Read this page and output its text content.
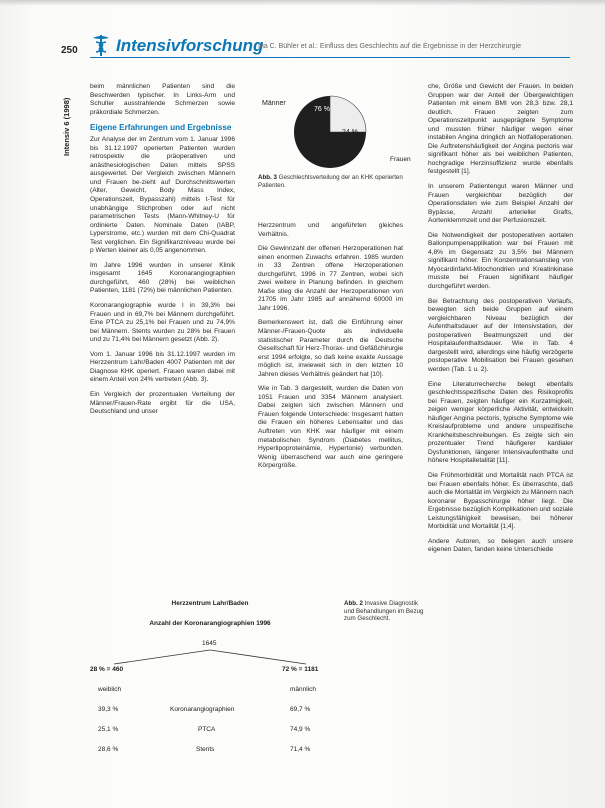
250 Intensivforschung
Ina C. Bühler et al.: Einfluss des Geschlechts auf die Ergebnisse in der Herzchirurgie
Intensiv 6 (1998)

beim männlichen Patienten sind die Beschwerden typischer. In Links-Arm und Schulter ausstrahlende Schmerzen sowie präkordiale Schmerzen.

Eigene Erfahrungen und Ergebnisse

Zur Analyse der im Zentrum vom 1. Januar 1996 bis 31.12.1997 operierten Patienten wurden retrospektiv die präoperativen und anästhesiologischen Daten mittels SPSS ausgewertet. Der Vergleich zwischen Männern und Frauen be-zieht auf Durchschnittswerten (Alter, Gewicht, Body Mass Index, Operationszeit, Bypasszahl) mittels t-Test für unabhängige Stichproben oder auf nicht parametrischen Tests (Mann-Whitney-U für ordinierte Daten. Nominale Daten (IABP, Lyperstrome, etc.) wurden mit dem Chi-Quadrat Test verglichen. Ein Signifikanzniveau wurde bei p Werten kleiner als 0,05 angenommen.

Im Jahre 1996 wurden in unserer Klinik insgesamt 1645 Koronarangiographien durchgeführt, 460 (28%) bei weiblichen Patienten, 1181 (72%) bei männlichen Patienten.

Koronarangiographie wurde l in 39,3% bei Frauen und in 69,7% bei Männern durchgeführt. Eine PTCA zu 25,1% bei Frauen und zu 74,9% bei Männern. Stents wurden zu 28% bei Frauen und zu 71,4% bei Männern gesetzt (Abb. 2).

Vom 1. Januar 1996 bis 31.12.1997 wurden im Herzzentrum Lahr/Baden 4007 Patienten mit der Diagnose KHK operiert. Frauen waren dabei mit einem Anteil von 24% vertreten (Abb. 3).

Ein Vergleich der prozentualen Verteilung der Männer/Frauen-Rate ergibt für die USA, Deutschland und unser

Männer
76 %
24 %
Frauen
Abb. 3 Geschlechtsverteilung der an KHK operierten Patienten.

Herzzentrum und angeführten gleiches Verhältnis.

Die Gewinnzahl der offenen Herzoperationen hat einen enormen Zuwachs erfahren. 1985 wurden in 33 Zentren offene Herzoperationen durchgeführt, 1996 in 77 Zentren, wobei sich zwei weitere in Planung befinden. In gleichem Maße stieg die Anzahl der Herzoperationen von 21705 im Jahr 1985 auf annähernd 60000 im Jahr 1996.

Bemerkenswert ist, daß die Einführung einer Männer-/Frauen-Quote als individuelle statistischer Parameter durch die Deutsche Gesellschaft für Herz-Thorax- und Gefäßchirurgie erst 1994 erfolgte, so daß keine exakte Aussage möglich ist, inwieweit sich in den letzten 10 Jahren dieses Verhältnis geändert hat [10].

Wie in Tab. 3 dargestellt, wurden die Daten von 1051 Frauen und 3354 Männern analysiert. Dabei zeigten sich zwischen Männern und Frauen folgende Unterschiede: Insgesamt hatten die Frauen ein höheres Lebensalter und das Auftreten von KHK war häufiger mit einem metabolischen Syndrom (Diabetes mellitus, Hyperlipoproteinämie, Hypertonie) verbunden. Wenig überraschend war auch eine geringere Körpergröße.

che, Größe und Gewicht der Frauen. In beiden Gruppen war der Anteil der Übergewichtigen Patienten mit einem BMI von 28,3 bzw. 28,1 deutlich. Frauen zeigten zum Operationszeitpunkt ausgeprägtere Symptome und mussten früher häufiger wegen einer instabilen Angina dringlich an Notfalloperationen. Die Auftretenshäufigkeit der Angina pectoris war signifikant höher als bei weiblichen Patienten, hochgradige Herzinsuffizienz wurde ebenfalls festgestellt [1].

In unserem Patientengut waren Männer und Frauen vergleichbar bezüglich der Operationsdaten wie zum Beispiel Anzahl der Bypässe, Anzahl arterieller Grafts, Aortenklemmzeit und der Perfusionszeit.

Die Notwendigkeit der postoperativen aortalen Ballonpumpenapplikation war bei Frauen mit 4,8% im Gegensatz zu 3,5% bei Männern signifikant höher. Ein Konzentrationsanstieg von Myocardinfarkt-Mitochondrien und Kreatinkinase musste bei Frauen signifikant häufiger durchgeführt werden.

Bei Betrachtung des postoperativen Verlaufs, bewegten sich beide Gruppen auf einem vergleichbaren Niveau bezüglich der Aufenthaltsdauer auf der Intensivstation, der postoperativen Beatmungszeit und der Hospitalaufenthaltsdauer. Wie in Tab. 4 dargestellt wird, allerdings eine häufig verzögerte postoperative Mobilisation bei Frauen gesehen werden (Tab. 1 u. 2).

Eine Literaturrecherche belegt ebenfalls geschlechtsspezifische Daten des Risikoprofils bei Frauen, zeigten häufiger ein Kurzatmigkeit, zeigen weniger körperliche Aktivität, entwickeln häufiger Angina pectoris, typische Symptome wie Kreislaufprobleme und andere unspezifische Krankheitsbeschreibungen. Es zeigte sich ein prozentualer Trend häufigerer kardialer Dysfunktionen, längerer Intensivaufenthalte und höhere Hospitalletalität [11].

Die Frühmorbidität und Mortalität nach PTCA ist bei Frauen ebenfalls höher. Es überraschte, daß auch die Mortalität im Vergleich zu Männern nach koronarer Bypasschirurgie höher liegt. Die Ergebnisse bezüglich Komplikationen und soziale Leistungsfähigkeit beweisen, bei höherer Morbidität und Mortalität [1,4].

Andere Autoren, so belegen auch unsere eigenen Daten, fanden keine Unterschiede

Herzzentrum Lahr/Baden
Anzahl der Koronarangiographien 1996
1645
28 % = 460	72 % = 1181
weiblich	männlich
39,3 %	Koronarangiographien	69,7 %
25,1 %	PTCA	74,9 %
28,6 %	Stents	71,4 %
Abb. 2 Invasive Diagnostik und Behandlungen im Bezug zum Geschlecht.
